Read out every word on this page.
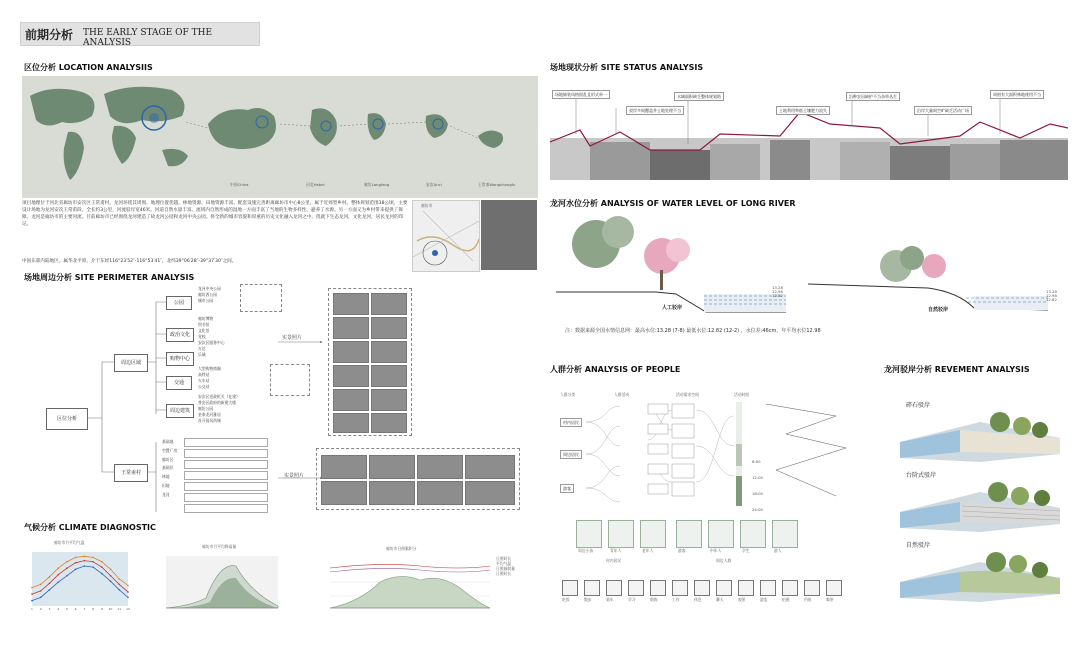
前期分析 THE EARLY STAGE OF THE ANALYSIS
区位分析 LOCATION ANALYSIIS
中国China	河北Hebei	廊坊Langfang	安次Anci	王常甫Wangchangfu
项目地理位于河北省廊坊市安次区王常甫村。龙河环绕其周围。地理位置优越。林地资源、田地资源丰富。配套设施完善距离廊坊市中心8公里。属于近郊型乡村。整体规划范围38公顷。主要设计场地为龙河安次王常甫段。全长约3公里，河流驳岸宽46米。河道自然水量丰富。流域内自然形成的湿地一方面丰富了当地的生物多样性。避养了水源。另一方面又为乡村带来提供了保障。龙河是廊坊市的主要河流。目前廊坊市已经围绕龙河建造了故龙河公园和龙河中央公园。将全新的城市容貌和厚重的历史文化融入龙河之中。绕就下生态龙河，文化龙河，居民龙河的印记。
中国东部内陆地区。属华北平原，介于东经116°23′52″-116°53′41″，北纬39°06′28″-39°37′30″之间。
廊坊市
场地周边分析 SITE PERIMETER ANALYSIS
区位分析
周边区域
王常甫村
公园
政治文化
购物中心
交通
周边建筑
龙河中央公园
廊坊西公园
城市公园
廊坊博物
图书馆
文化馆
党校
安次区服务中心
万达
乐城
大型购物商圈
高铁站
火车站
公交站
安次区党政机关（在建）
普安区政府的新建大楼
廊坊公园
金泰龙河雅居
首开国风尚城
实景照片
基础地
空置厂房
廊坊区
基础层
林地
田地
龙河
实景照片
气候分析 CLIMATE DIAGNOSTIC
廊坊市月平均气温
1 2 3 4 5 6 7 8 9 10 11 12
廊坊市月平均降雨量	廊坊市日照累积分
日照时长
平均气温
日照辐射量
日照时长
场地现状分析 SITE STATUS ANALYSIS
场地铺装风格固乱且形式单一
驳岸多间覆盖并土地处理不当
水域面积缺乏整体规划防
土地利用率低土壤肥力流失
沿种农田缺护不当杂草丛生
沿岸大量间空旷缺乏活动广场
周围有大面积林地使用不当
龙河水位分析 ANALYSIS OF WATER LEVEL OF LONG RIVER
人工驳岸
13.28
12.98
12.82
自然驳岸
13.28
12.98
12.82
注：数据来源全国水情信息网：最高水位:13.28 (7-8) 最低水位:12.82 (12-2) ，水位差:46cm，年平均水位12.98
人群分析 ANALYSIS OF PEOPLE
人群分类	人群活动	活动需求空间	活动时间
村内居民
周边居民
游客
8:00
12:00
18:00
24:00
周边小孩	青年人	老年人	游客	中年人	学生	游人
村内居民	周边人群
吃饭	散步	骑车	学习	锻炼	工作	休息	聊天	观景	游览	拍照	钓鱼	喝茶
龙河驳岸分析 REVEMENT ANALYSIS
碎石驳岸
台阶式驳岸
自然驳岸
